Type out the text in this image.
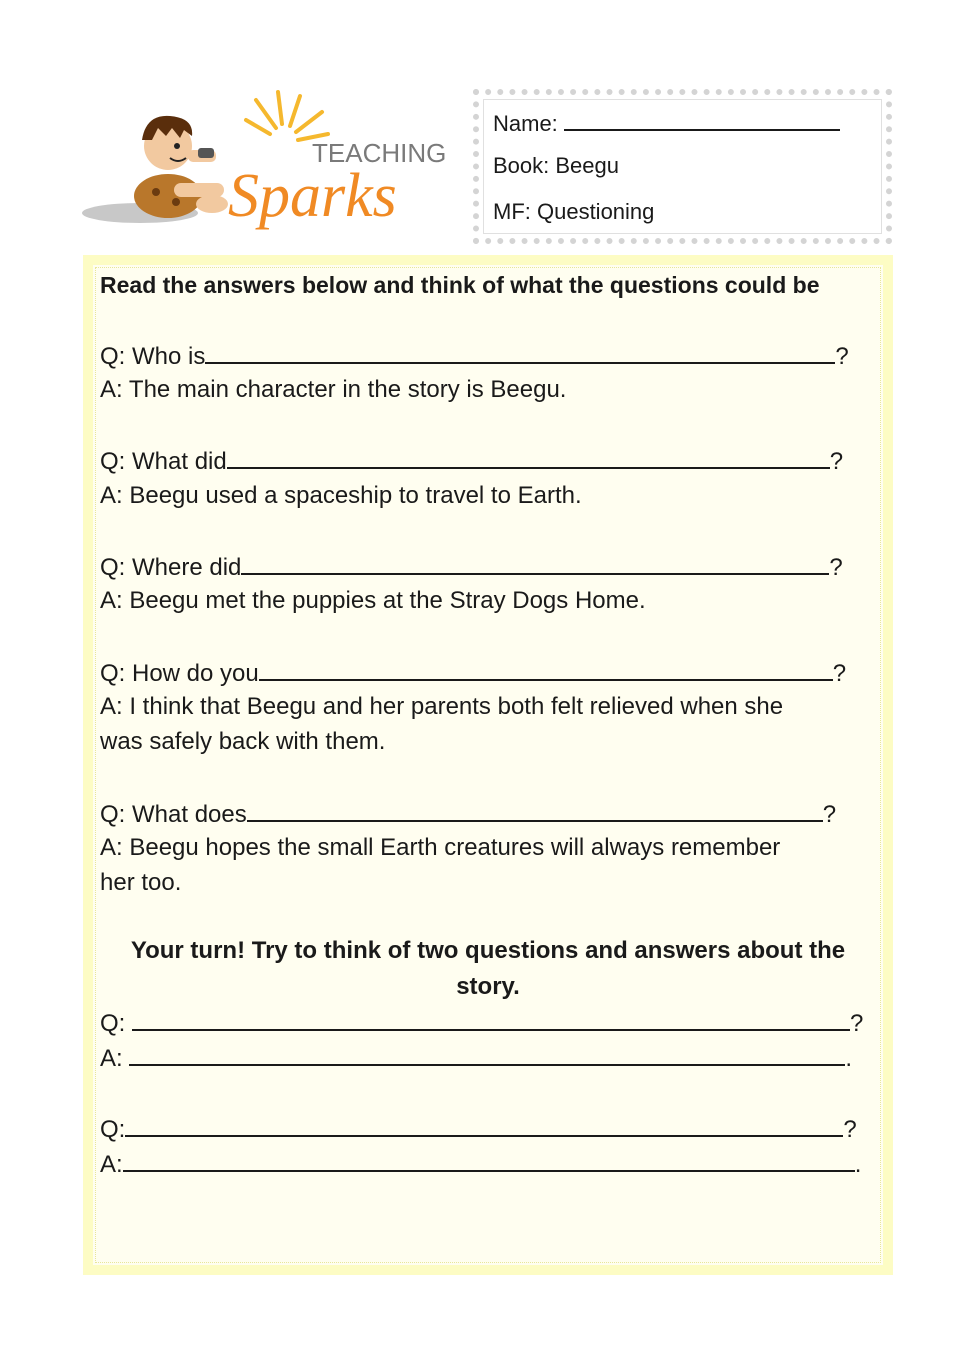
TEACHING
Sparks
Name:
Book: Beegu
MF: Questioning
Read the answers below and think of what the questions could be
Q: Who is	?
A: The main character in the story is Beegu.
Q: What did	?
A: Beegu used a spaceship to travel to Earth.
Q: Where did	?
A: Beegu met the puppies at the Stray Dogs Home.
Q: How do you	?
A: I think that Beegu and her parents both felt relieved when she
was safely back with them.
Q: What does	?
A: Beegu hopes the small Earth creatures will always remember
her too.
Your turn! Try to think of two questions and answers about the
story.
Q:	?
A:	.
Q:	?
A:	.
